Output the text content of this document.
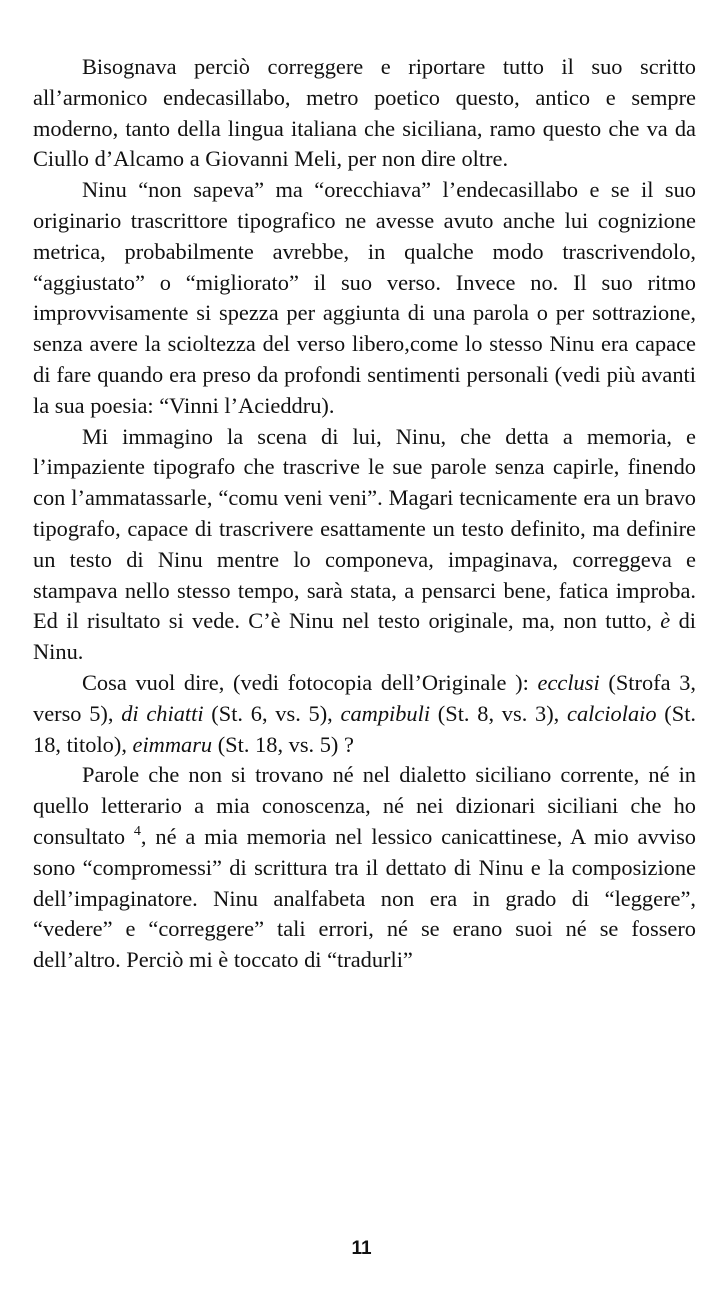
Bisognava perciò correggere e riportare tutto il suo scritto all’armonico endecasillabo, metro poetico questo, antico e sempre moderno, tanto della lingua italiana che siciliana, ramo questo che va da Ciullo d’Alcamo a Giovanni Meli, per non dire oltre.

Ninu “non sapeva” ma “orecchiava” l’endecasillabo e se il suo originario trascrittore tipografico ne avesse avuto anche lui cognizione metrica, probabilmente avrebbe, in qualche modo trascrivendolo, “aggiustato” o “migliorato” il suo verso. Invece no. Il suo ritmo improvvisamente si spezza per aggiunta di una parola o per sottrazione, senza avere la scioltezza del verso libero,come lo stesso Ninu era capace di fare quando era preso da profondi sentimenti personali (vedi più avanti la sua poesia: “Vinni l’Acieddru).

Mi immagino la scena di lui, Ninu, che detta a memoria, e l’impaziente tipografo che trascrive le sue parole senza capirle, finendo con l’ammatassarle, “comu veni veni”. Magari tecnicamente era un bravo tipografo, capace di trascrivere esattamente un testo definito, ma definire un testo di Ninu mentre lo componeva, impaginava, correggeva e stampava nello stesso tempo, sarà stata, a pensarci bene, fatica improba. Ed il risultato si vede. C’è Ninu nel testo originale, ma, non tutto, è di Ninu.

Cosa vuol dire, (vedi fotocopia dell’Originale ): ecclusi (Strofa 3, verso 5), di chiatti (St. 6, vs. 5), campibuli (St. 8, vs. 3), calciolaio (St. 18, titolo), eimmaru (St. 18, vs. 5) ?

Parole che non si trovano né nel dialetto siciliano corrente, né in quello letterario a mia conoscenza, né nei dizionari siciliani che ho consultato $^4$, né a mia memoria nel lessico canicattinese, A mio avviso sono “compromessi” di scrittura tra il dettato di Ninu e la composizione dell’impaginatore. Ninu analfabeta non era in grado di “leggere”, “vedere” e “correggere” tali errori, né se erano suoi né se fossero dell’altro. Perciò mi è toccato di “tradurli”

11
